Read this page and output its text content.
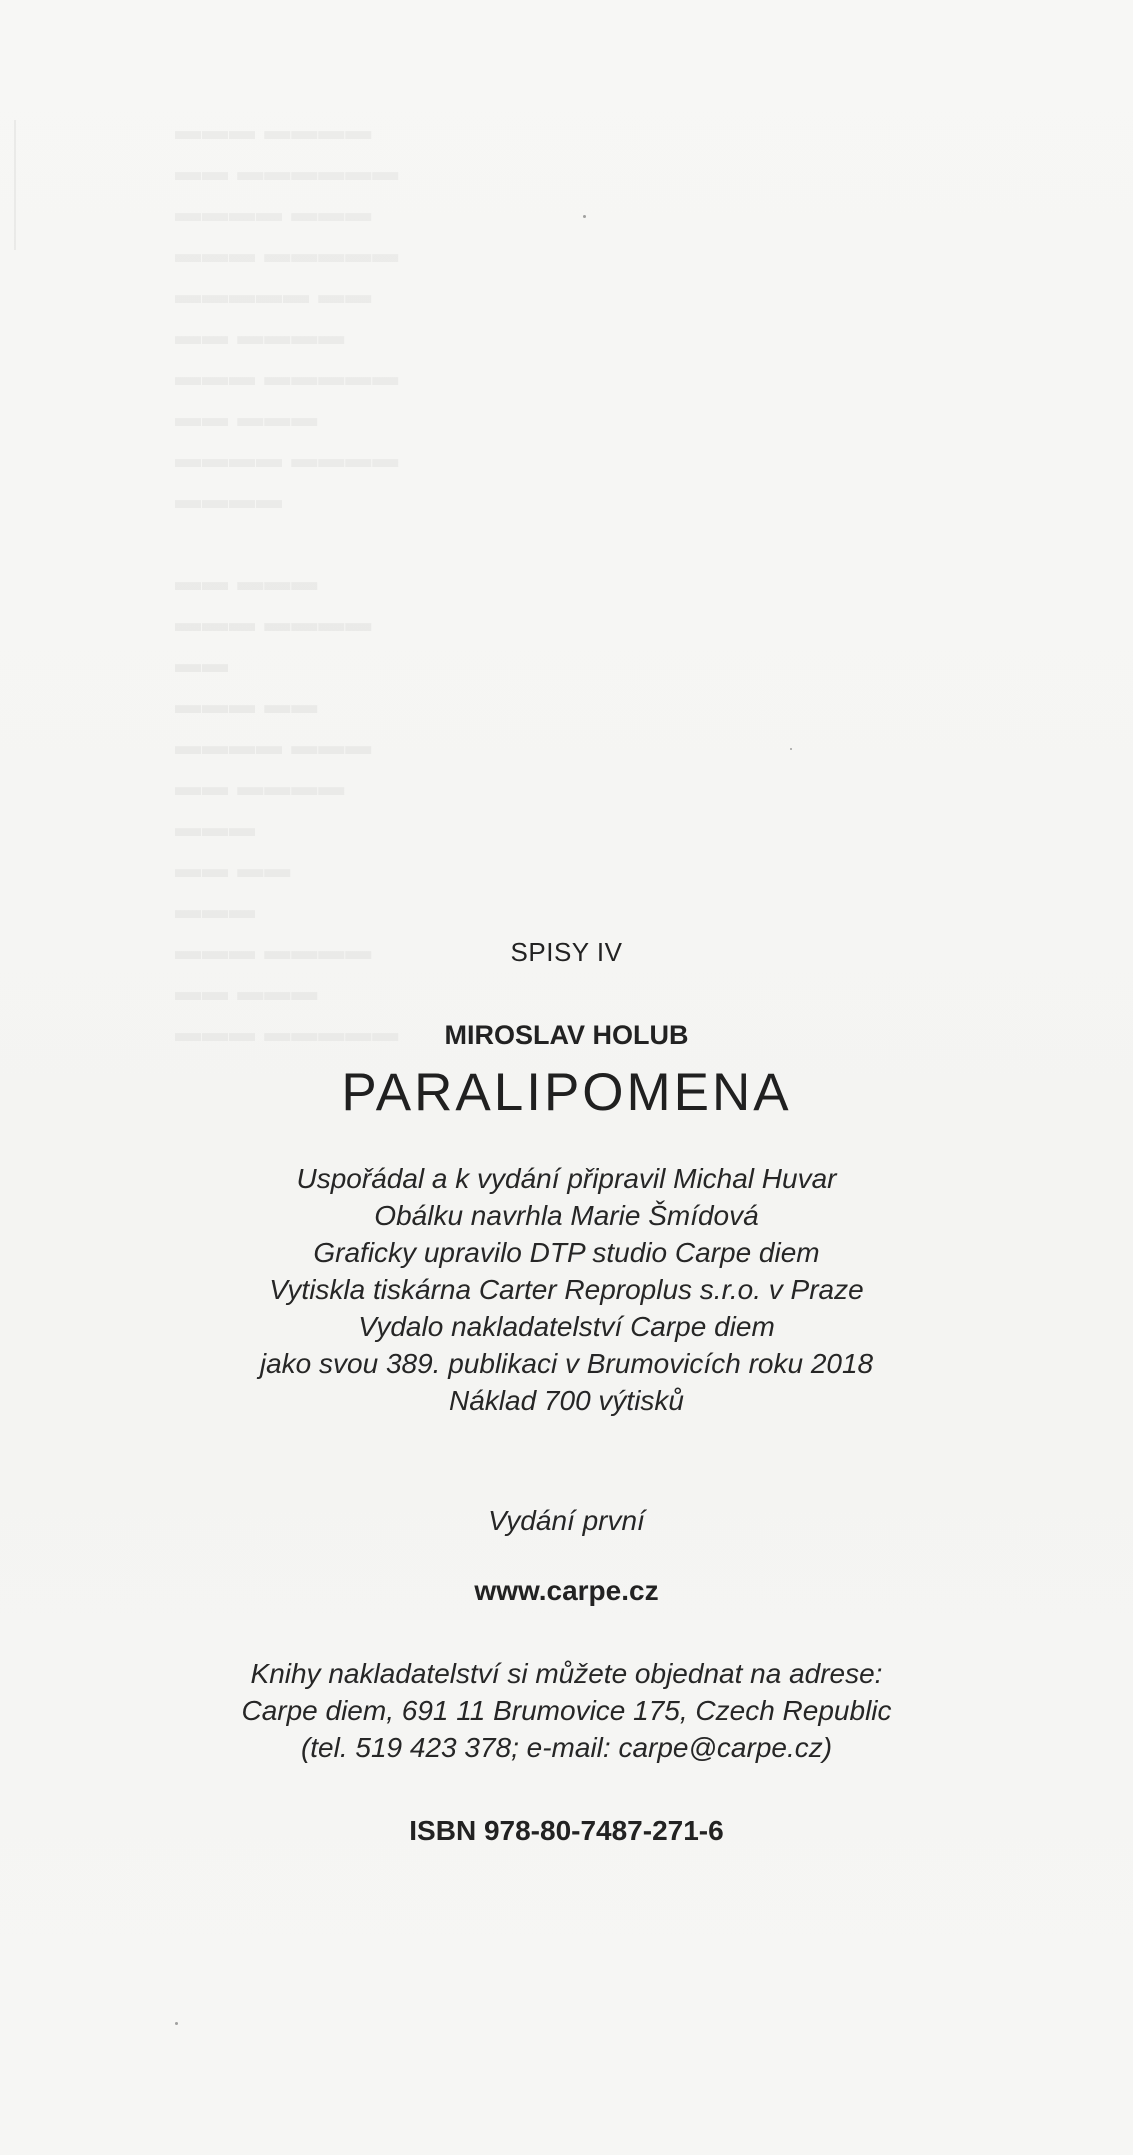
SPISY IV
MIROSLAV HOLUB
PARALIPOMENA
Uspořádal a k vydání připravil Michal Huvar
Obálku navrhla Marie Šmídová
Graficky upravilo DTP studio Carpe diem
Vytiskla tiskárna Carter Reproplus s.r.o. v Praze
Vydalo nakladatelství Carpe diem
jako svou 389. publikaci v Brumovicích roku 2018
Náklad 700 výtisků
Vydání první
www.carpe.cz
Knihy nakladatelství si můžete objednat na adrese:
Carpe diem, 691 11 Brumovice 175, Czech Republic
(tel. 519 423 378; e-mail: carpe@carpe.cz)
ISBN 978-80-7487-271-6
